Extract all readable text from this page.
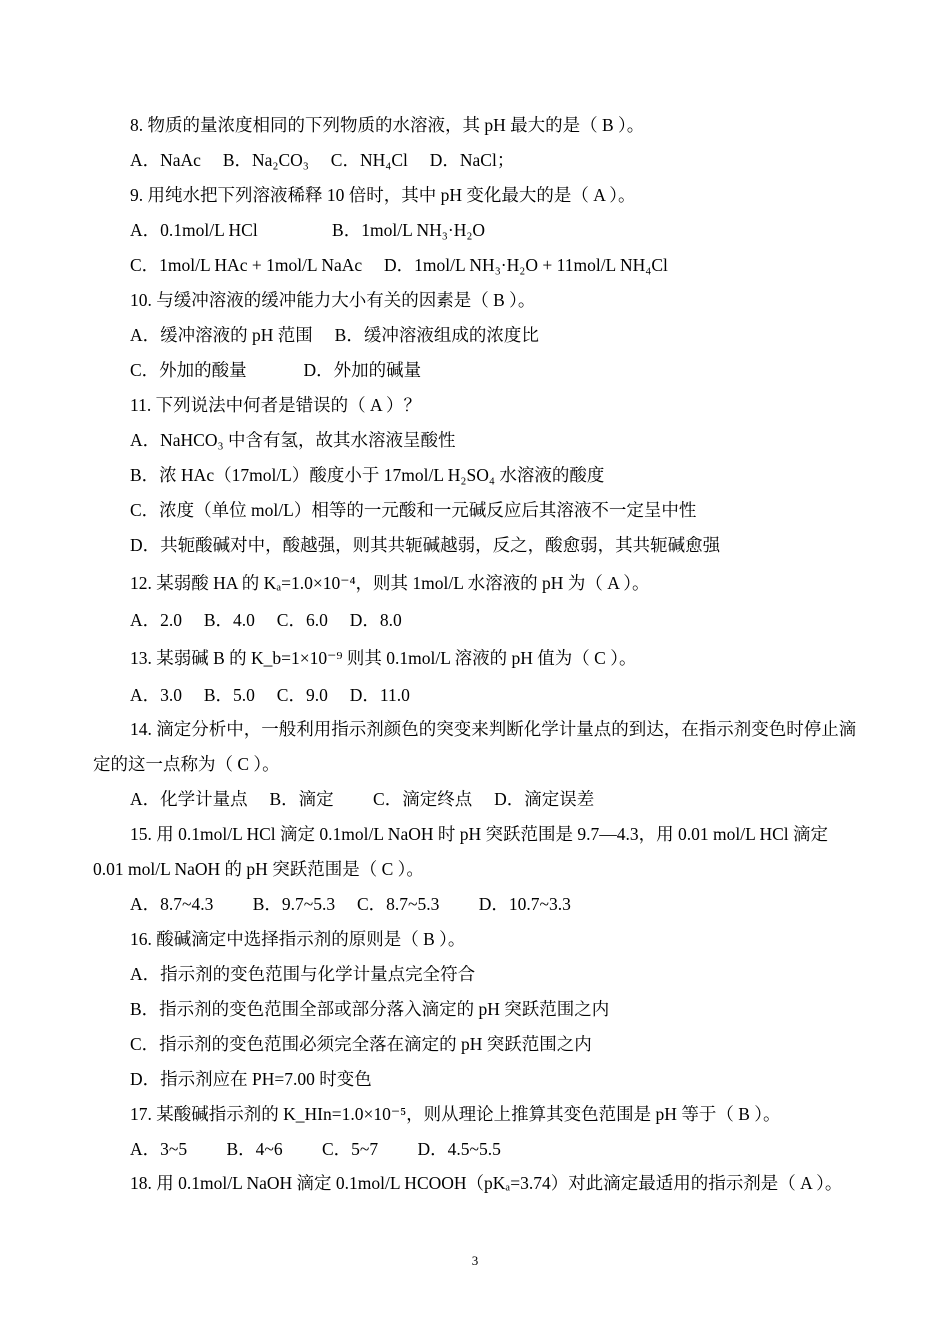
8. 物质的量浓度相同的下列物质的水溶液，其 pH 最大的是（ B ）。
A．NaAc　 B．Na₂CO₃　 C．NH₄Cl　 D．NaCl；
9. 用纯水把下列溶液稀释 10 倍时，其中 pH 变化最大的是（ A ）。
A．0.1mol/L HCl　　　　 B．1mol/L NH₃·H₂O
C．1mol/L HAc + 1mol/L NaAc　 D．1mol/L NH₃·H₂O + 11mol/L NH₄Cl
10. 与缓冲溶液的缓冲能力大小有关的因素是（ B ）。
A．缓冲溶液的 pH 范围　 B．缓冲溶液组成的浓度比
C．外加的酸量　　　 D．外加的碱量
11. 下列说法中何者是错误的（ A ）？
A．NaHCO₃ 中含有氢，故其水溶液呈酸性
B．浓 HAc（17mol/L）酸度小于 17mol/L H₂SO₄ 水溶液的酸度
C．浓度（单位 mol/L）相等的一元酸和一元碱反应后其溶液不一定呈中性
D．共轭酸碱对中，酸越强，则其共轭碱越弱，反之，酸愈弱，其共轭碱愈强
12. 某弱酸 HA 的 Kₐ=1.0×10⁻⁴，则其 1mol/L 水溶液的 pH 为（ A ）。
A．2.0　 B．4.0　 C．6.0　 D．8.0
13. 某弱碱 B 的 K_b=1×10⁻⁹ 则其 0.1mol/L 溶液的 pH 值为（ C ）。
A．3.0　 B．5.0　 C．9.0　 D．11.0
14. 滴定分析中，一般利用指示剂颜色的突变来判断化学计量点的到达，在指示剂变色时停止滴定的这一点称为（ C ）。
A．化学计量点　 B．滴定　　 C．滴定终点　 D．滴定误差
15. 用 0.1mol/L HCl 滴定 0.1mol/L NaOH 时 pH 突跃范围是 9.7—4.3，用 0.01 mol/L HCl 滴定 0.01 mol/L NaOH 的 pH 突跃范围是（ C ）。
A．8.7~4.3　　 B．9.7~5.3　 C．8.7~5.3　　 D．10.7~3.3
16. 酸碱滴定中选择指示剂的原则是（ B ）。
A．指示剂的变色范围与化学计量点完全符合
B．指示剂的变色范围全部或部分落入滴定的 pH 突跃范围之内
C．指示剂的变色范围必须完全落在滴定的 pH 突跃范围之内
D．指示剂应在 PH=7.00 时变色
17. 某酸碱指示剂的 K_HIn=1.0×10⁻⁵，则从理论上推算其变色范围是 pH 等于（ B ）。
A．3~5　　 B．4~6　　 C．5~7　　 D．4.5~5.5
18. 用 0.1mol/L NaOH 滴定 0.1mol/L HCOOH（pKₐ=3.74）对此滴定最适用的指示剂是（ A ）。
3
